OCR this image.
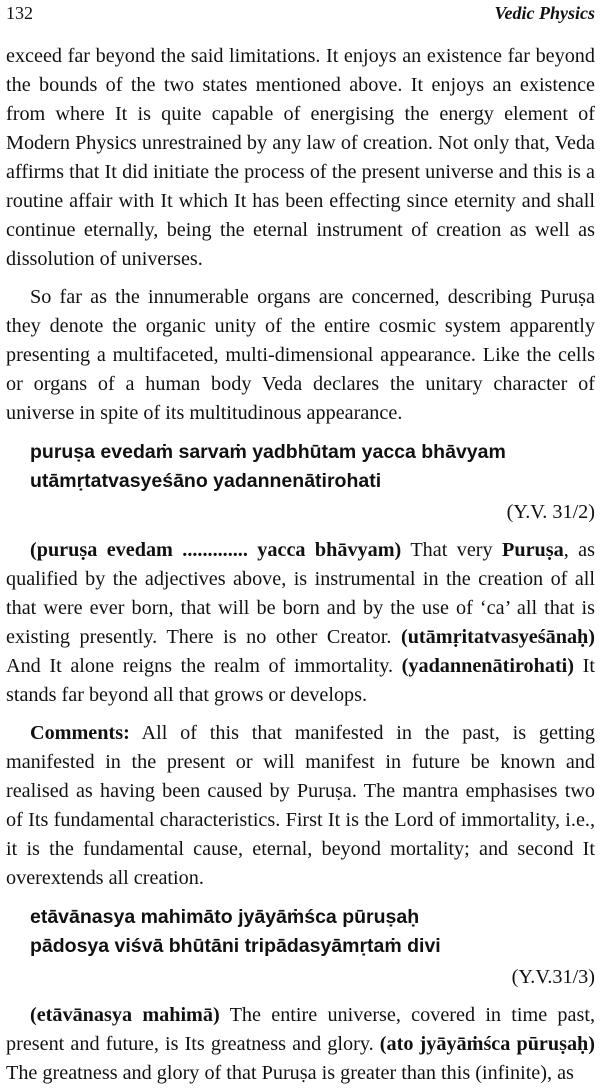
132	Vedic Physics

exceed far beyond the said limitations. It enjoys an existence far beyond the bounds of the two states mentioned above. It enjoys an existence from where It is quite capable of energising the energy element of Modern Physics unrestrained by any law of creation. Not only that, Veda affirms that It did initiate the process of the present universe and this is a routine affair with It which It has been effecting since eternity and shall continue eternally, being the eternal instrument of creation as well as dissolution of universes.

So far as the innumerable organs are concerned, describing Puruṣa they denote the organic unity of the entire cosmic system apparently presenting a multifaceted, multi-dimensional appearance. Like the cells or organs of a human body Veda declares the unitary character of universe in spite of its multitudinous appearance.

puruṣa evedaṁ sarvaṁ yadbhūtam yacca bhāvyam
utāmṛtatvasyeśāno yadannenātirohati
(Y.V. 31/2)

(puruṣa evedam ............. yacca bhāvyam) That very Puruṣa, as qualified by the adjectives above, is instrumental in the creation of all that were ever born, that will be born and by the use of ‘ca’ all that is existing presently. There is no other Creator. (utāmṛitatvasyeśānaḥ) And It alone reigns the realm of immortality. (yadannenātirohati) It stands far beyond all that grows or develops.

Comments: All of this that manifested in the past, is getting manifested in the present or will manifest in future be known and realised as having been caused by Puruṣa. The mantra emphasises two of Its fundamental characteristics. First It is the Lord of immortality, i.e., it is the fundamental cause, eternal, beyond mortality; and second It overextends all creation.

etāvānasya mahimāto jyāyāṁśca pūruṣaḥ
pādosya viśvā bhūtāni tripādasyāmṛtaṁ divi
(Y.V.31/3)

(etāvānasya mahimā) The entire universe, covered in time past, present and future, is Its greatness and glory. (ato jyāyāṁśca pūruṣaḥ) The greatness and glory of that Puruṣa is greater than this (infinite), as
